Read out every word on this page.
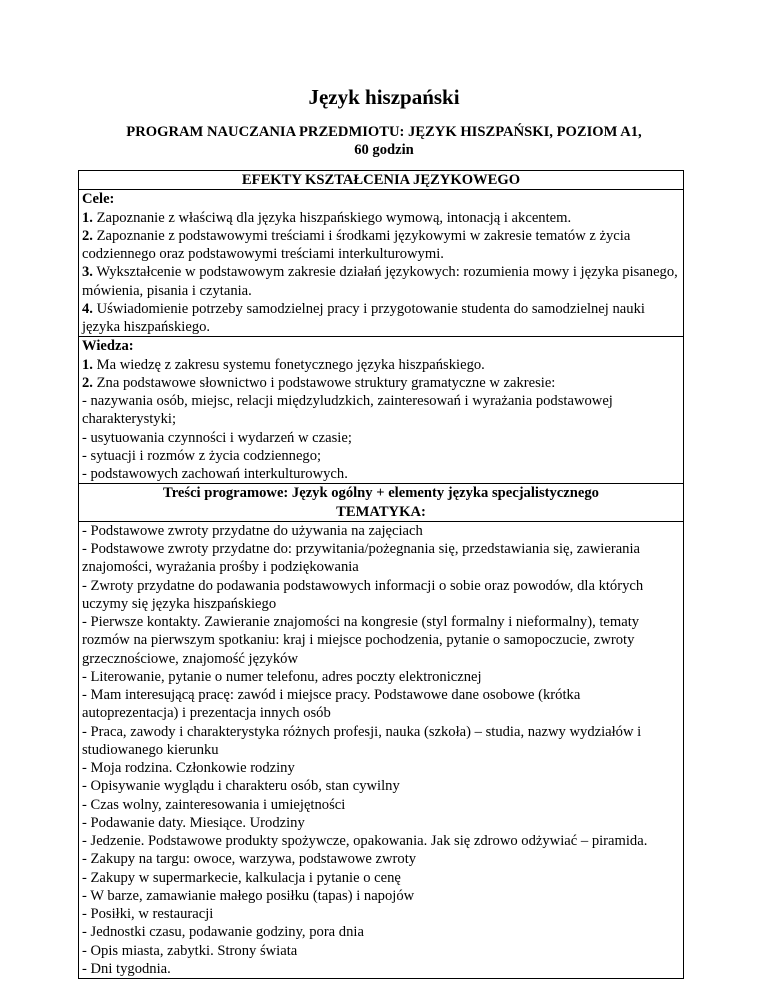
Język hiszpański
PROGRAM NAUCZANIA PRZEDMIOTU: JĘZYK HISZPAŃSKI, POZIOM A1,
60 godzin
EFEKTY KSZTAŁCENIA JĘZYKOWEGO

Cele:
1. Zapoznanie z właściwą dla języka hiszpańskiego wymową, intonacją i akcentem.
2. Zapoznanie z podstawowymi treściami i środkami językowymi w zakresie tematów z życia codziennego oraz podstawowymi treściami interkulturowymi.
3. Wykształcenie w podstawowym zakresie działań językowych: rozumienia mowy i języka pisanego, mówienia, pisania i czytania.
4. Uświadomienie potrzeby samodzielnej pracy i przygotowanie studenta do samodzielnej nauki języka hiszpańskiego.

Wiedza:
1. Ma wiedzę z zakresu systemu fonetycznego języka hiszpańskiego.
2. Zna podstawowe słownictwo i podstawowe struktury gramatyczne w zakresie:
- nazywania osób, miejsc, relacji międzyludzkich, zainteresowań i wyrażania podstawowej charakterystyki;
- usytuowania czynności i wydarzeń w czasie;
- sytuacji i rozmów z życia codziennego;
- podstawowych zachowań interkulturowych.

Treści programowe: Język ogólny + elementy języka specjalistycznego
TEMATYKA:

- Podstawowe zwroty przydatne do używania na zajęciach
- Podstawowe zwroty przydatne do: przywitania/pożegnania się, przedstawiania się, zawierania znajomości, wyrażania prośby i podziękowania
- Zwroty przydatne do podawania podstawowych informacji o sobie oraz powodów, dla których uczymy się języka hiszpańskiego
- Pierwsze kontakty. Zawieranie znajomości na kongresie (styl formalny i nieformalny), tematy rozmów na pierwszym spotkaniu: kraj i miejsce pochodzenia, pytanie o samopoczucie, zwroty grzecznościowe, znajomość języków
- Literowanie, pytanie o numer telefonu, adres poczty elektronicznej
- Mam interesującą pracę: zawód i miejsce pracy. Podstawowe dane osobowe (krótka autoprezentacja) i prezentacja innych osób
- Praca, zawody i charakterystyka różnych profesji, nauka (szkoła) – studia, nazwy wydziałów i studiowanego kierunku
- Moja rodzina. Członkowie rodziny
- Opisywanie wyglądu i charakteru osób, stan cywilny
- Czas wolny, zainteresowania i umiejętności
- Podawanie daty. Miesiące. Urodziny
- Jedzenie. Podstawowe produkty spożywcze, opakowania. Jak się zdrowo odżywiać – piramida.
- Zakupy na targu: owoce, warzywa, podstawowe zwroty
- Zakupy w supermarkecie, kalkulacja i pytanie o cenę
- W barze, zamawianie małego posiłku (tapas) i napojów
- Posiłki, w restauracji
- Jednostki czasu, podawanie godziny, pora dnia
- Opis miasta, zabytki. Strony świata
- Dni tygodnia.
